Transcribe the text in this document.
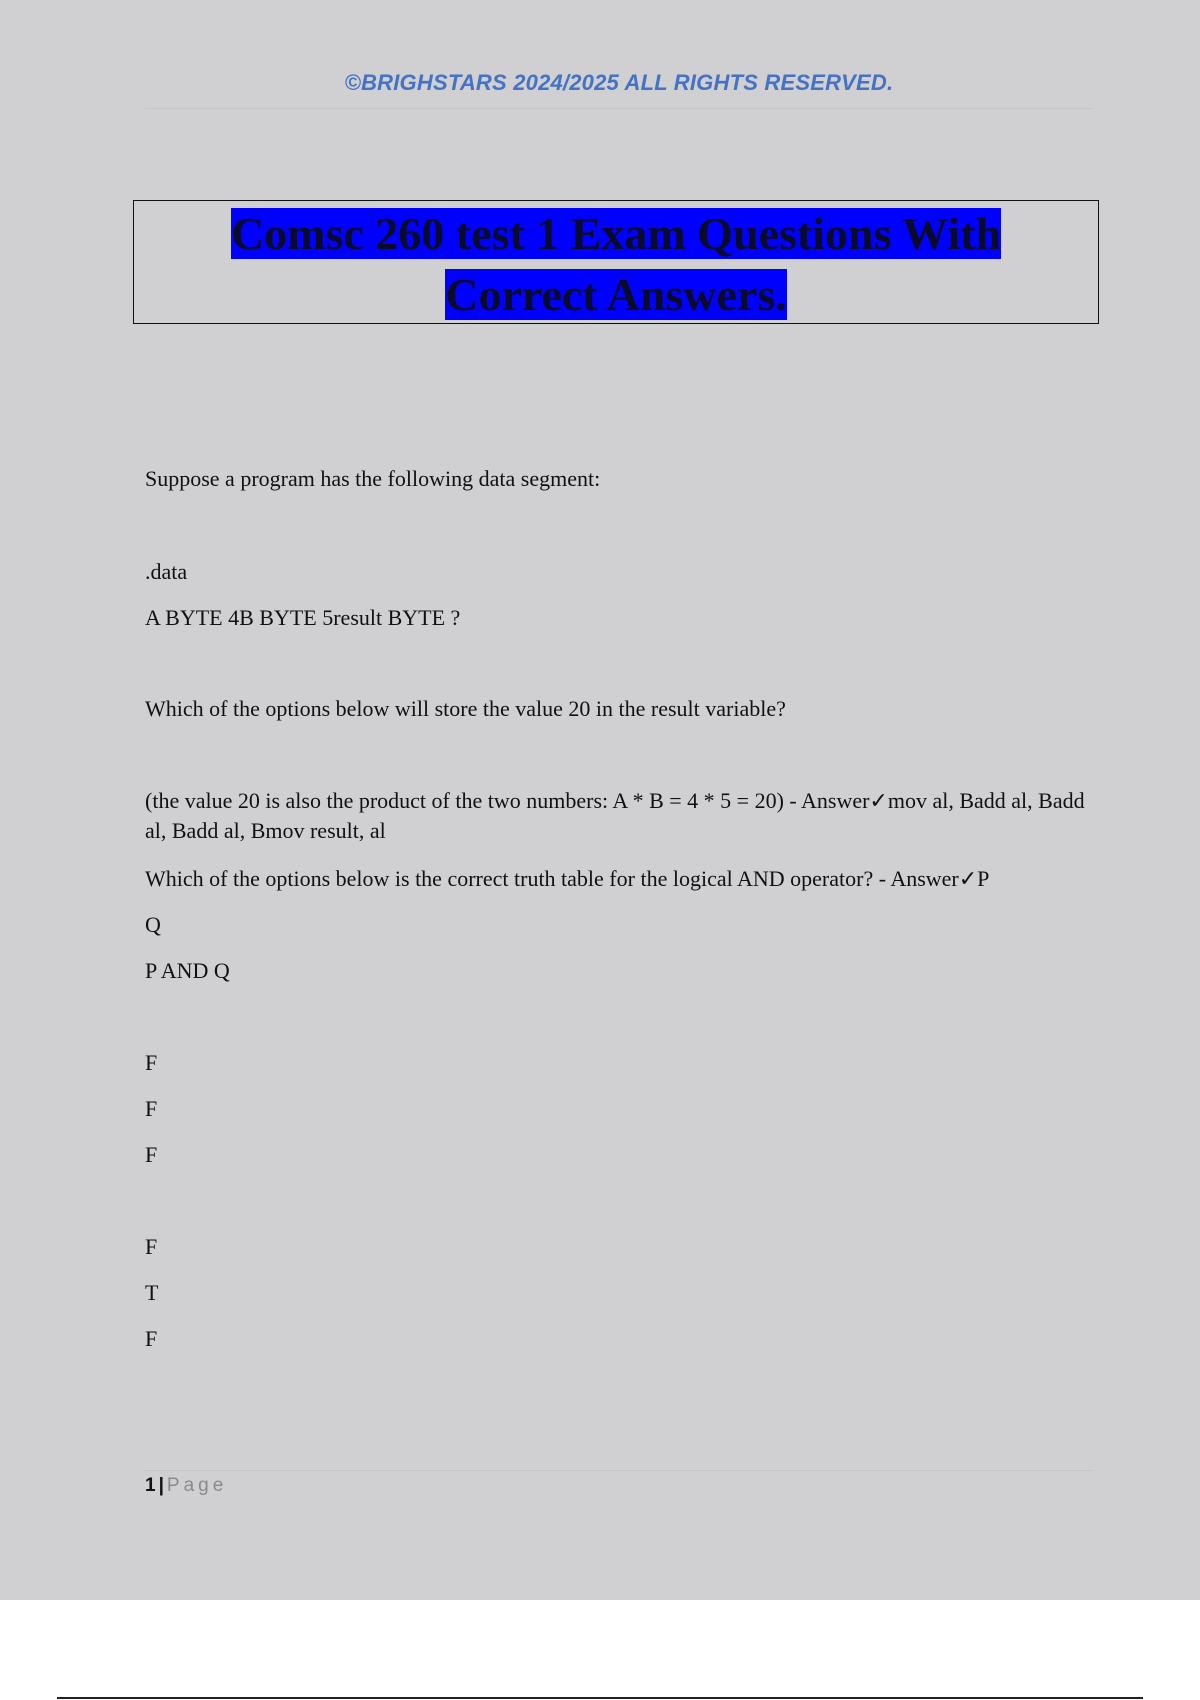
©BRIGHSTARS 2024/2025 ALL RIGHTS RESERVED.
Comsc 260 test 1 Exam Questions With
Correct Answers.

Suppose a program has the following data segment:

.data

A BYTE 4B BYTE 5result BYTE ?

Which of the options below will store the value 20 in the result variable?

(the value 20 is also the product of the two numbers: A * B = 4 * 5 = 20) - Answer✓mov al, Badd al, Badd al, Badd al, Bmov result, al

Which of the options below is the correct truth table for the logical AND operator? - Answer✓P

Q

P AND Q

F

F

F

F

T

F

1 | Page
